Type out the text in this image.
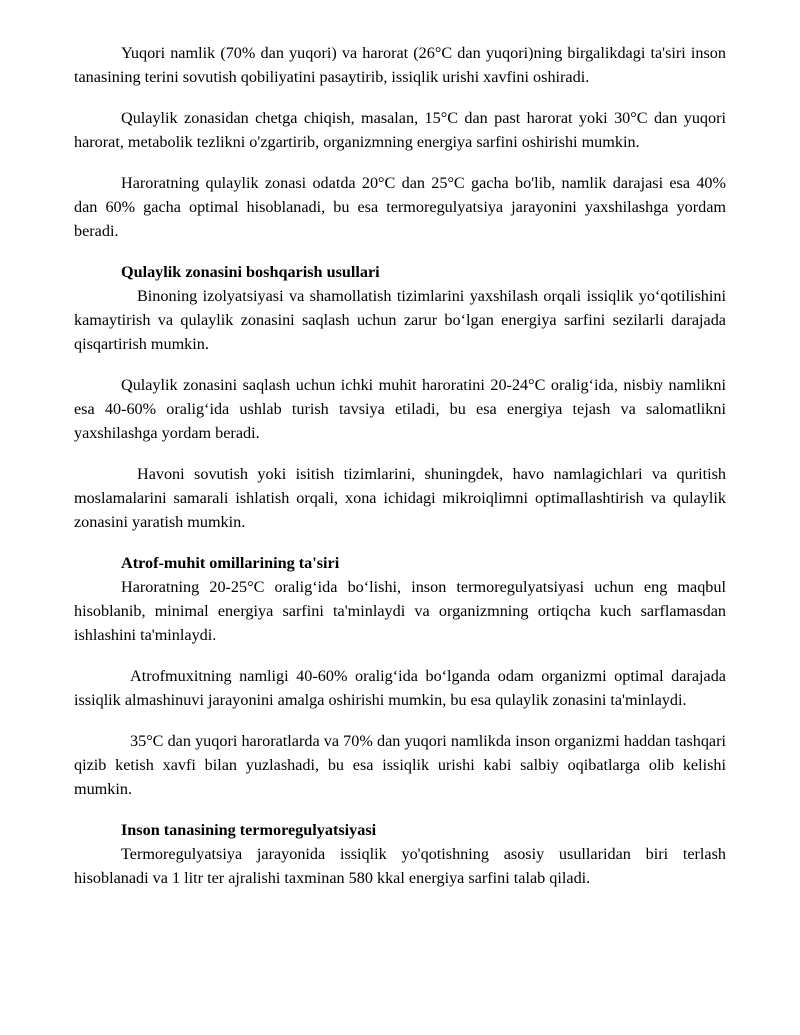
Yuqori namlik (70% dan yuqori) va harorat (26°C dan yuqori)ning birgalikdagi ta'siri inson tanasining terini sovutish qobiliyatini pasaytirib, issiqlik urishi xavfini oshiradi.

Qulaylik zonasidan chetga chiqish, masalan, 15°C dan past harorat yoki 30°C dan yuqori harorat, metabolik tezlikni o'zgartirib, organizmning energiya sarfini oshirishi mumkin.

Haroratning qulaylik zonasi odatda 20°C dan 25°C gacha bo'lib, namlik darajasi esa 40% dan 60% gacha optimal hisoblanadi, bu esa termoregulyatsiya jarayonini yaxshilashga yordam beradi.

Qulaylik zonasini boshqarish usullari

Binoning izolyatsiyasi va shamollatish tizimlarini yaxshilash orqali issiqlik yoʻqotilishini kamaytirish va qulaylik zonasini saqlash uchun zarur boʻlgan energiya sarfini sezilarli darajada qisqartirish mumkin.

Qulaylik zonasini saqlash uchun ichki muhit haroratini 20-24°C oraligʻida, nisbiy namlikni esa 40-60% oraligʻida ushlab turish tavsiya etiladi, bu esa energiya tejash va salomatlikni yaxshilashga yordam beradi.

Havoni sovutish yoki isitish tizimlarini, shuningdek, havo namlagichlari va quritish moslamalarini samarali ishlatish orqali, xona ichidagi mikroiqlimni optimallashtirish va qulaylik zonasini yaratish mumkin.

Atrof-muhit omillarining ta'siri

Haroratning 20-25°C oraligʻida boʻlishi, inson termoregulyatsiyasi uchun eng maqbul hisoblanib, minimal energiya sarfini ta'minlaydi va organizmning ortiqcha kuch sarflamasdan ishlashini ta'minlaydi.

Atrofmuxitning namligi 40-60% oraligʻida boʻlganda odam organizmi optimal darajada issiqlik almashinuvi jarayonini amalga oshirishi mumkin, bu esa qulaylik zonasini ta'minlaydi.

35°C dan yuqori haroratlarda va 70% dan yuqori namlikda inson organizmi haddan tashqari qizib ketish xavfi bilan yuzlashadi, bu esa issiqlik urishi kabi salbiy oqibatlarga olib kelishi mumkin.

Inson tanasining termoregulyatsiyasi

Termoregulyatsiya jarayonida issiqlik yo'qotishning asosiy usullaridan biri terlash hisoblanadi va 1 litr ter ajralishi taxminan 580 kkal energiya sarfini talab qiladi.
